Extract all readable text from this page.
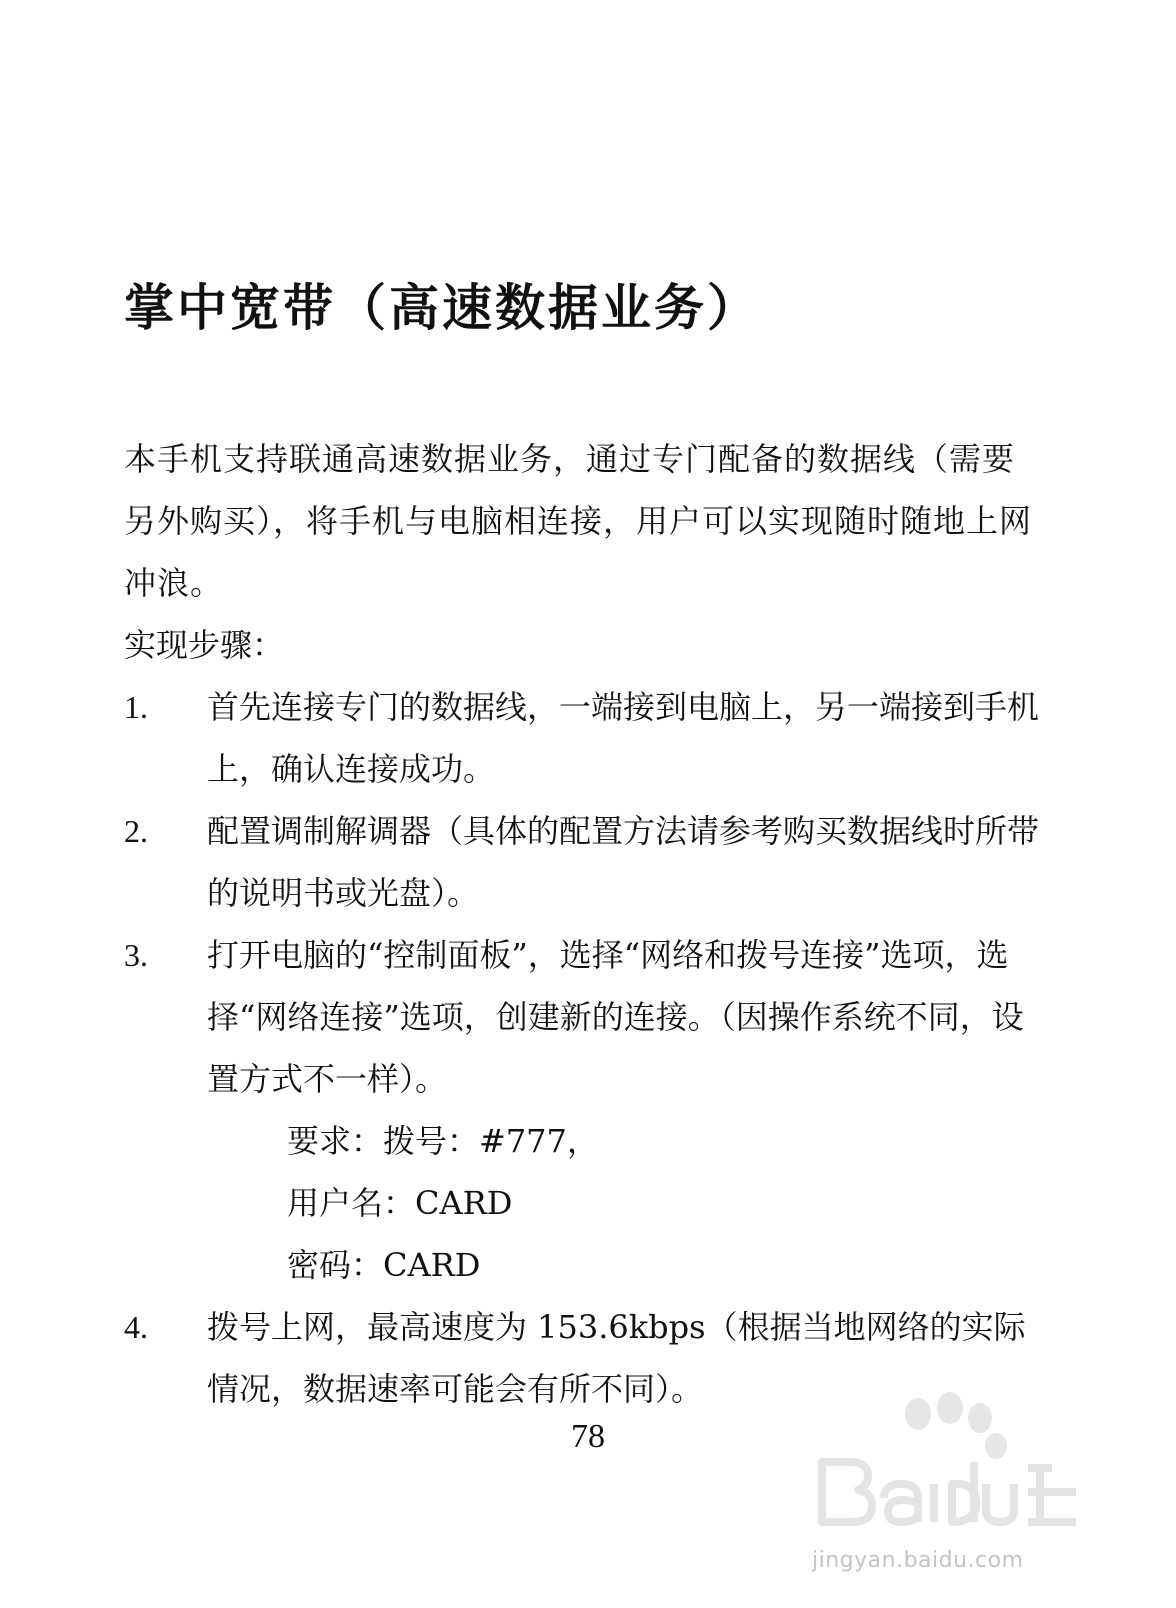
掌中宽带（高速数据业务）

本手机支持联通高速数据业务，通过专门配备的数据线（需要另外购买），将手机与电脑相连接，用户可以实现随时随地上网冲浪。

实现步骤：

1. 首先连接专门的数据线，一端接到电脑上，另一端接到手机上，确认连接成功。
2. 配置调制解调器（具体的配置方法请参考购买数据线时所带的说明书或光盘）。
3. 打开电脑的“控制面板”，选择“网络和拨号连接”选项，选择“网络连接”选项，创建新的连接。（因操作系统不同，设置方式不一样）。

要求：拨号：#777，

用户名：CARD

密码：CARD

4. 拨号上网，最高速度为 153.6kbps（根据当地网络的实际情况，数据速率可能会有所不同）。
78
jingyan.baidu.com
